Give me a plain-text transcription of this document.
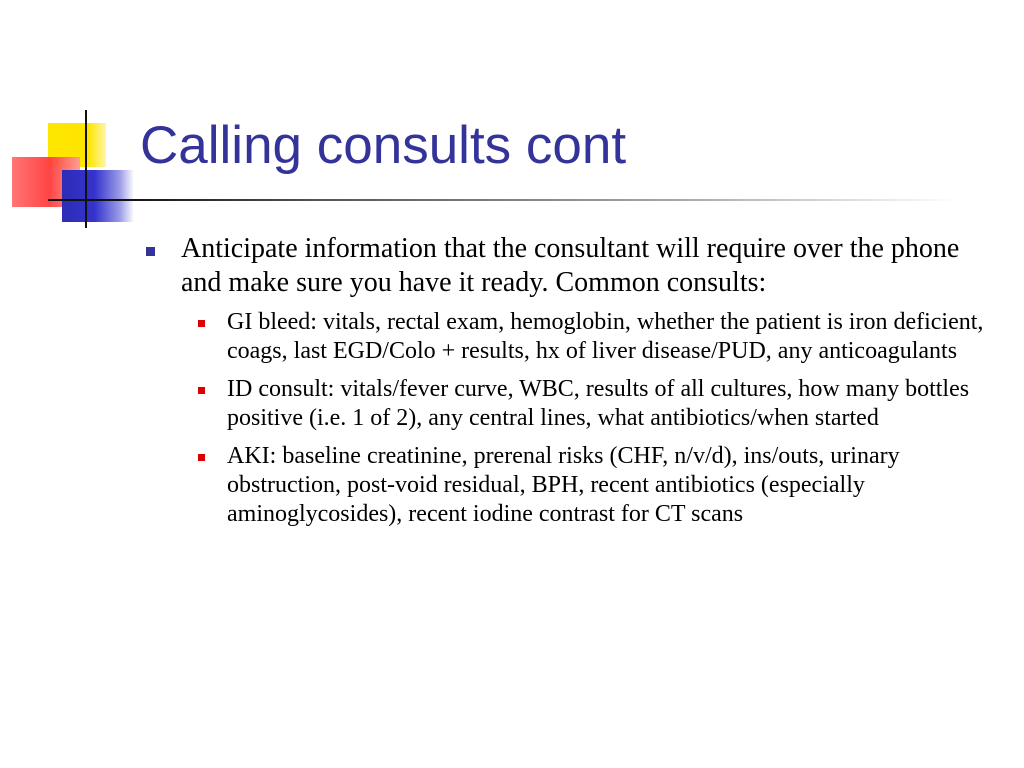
Calling consults cont
Anticipate information that the consultant will require over the phone and make sure you have it ready. Common consults:
GI bleed: vitals, rectal exam, hemoglobin, whether the patient is iron deficient, coags, last EGD/Colo + results, hx of liver disease/PUD, any anticoagulants
ID consult: vitals/fever curve, WBC, results of all cultures, how many bottles positive (i.e. 1 of 2), any central lines, what antibiotics/when started
AKI: baseline creatinine, prerenal risks (CHF, n/v/d), ins/outs, urinary obstruction, post-void residual, BPH, recent antibiotics (especially aminoglycosides), recent iodine contrast for CT scans
